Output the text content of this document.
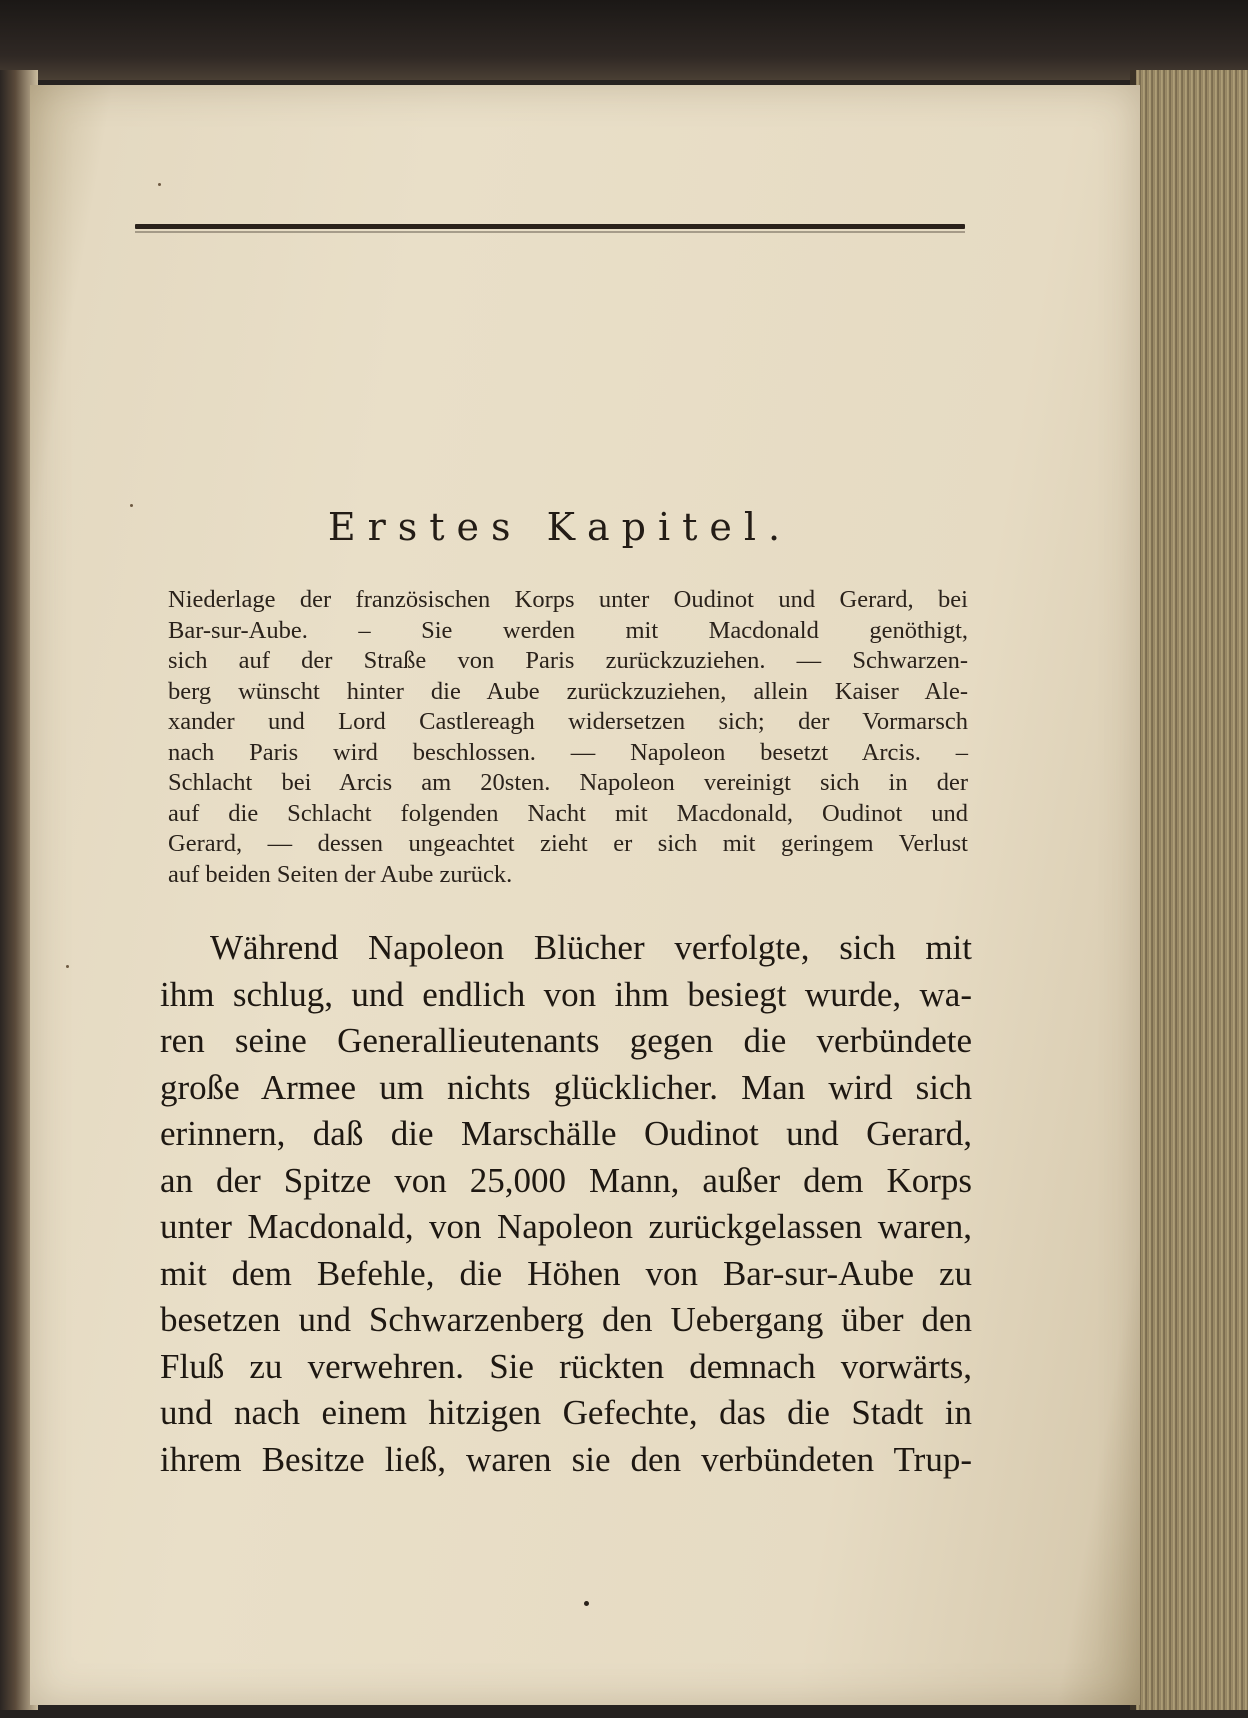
Erstes Kapitel.
Niederlage der französischen Korps unter Oudinot und Gerard, bei
Bar-sur-Aube. – Sie werden mit Macdonald genöthigt,
sich auf der Straße von Paris zurückzuziehen. — Schwarzen-
berg wünscht hinter die Aube zurückzuziehen, allein Kaiser Ale-
xander und Lord Castlereagh widersetzen sich; der Vormarsch
nach Paris wird beschlossen. — Napoleon besetzt Arcis. –
Schlacht bei Arcis am 20sten. Napoleon vereinigt sich in der
auf die Schlacht folgenden Nacht mit Macdonald, Oudinot und
Gerard, — dessen ungeachtet zieht er sich mit geringem Verlust
auf beiden Seiten der Aube zurück.
Während Napoleon Blücher verfolgte, sich mit
ihm schlug, und endlich von ihm besiegt wurde, wa-
ren seine Generallieutenants gegen die verbündete
große Armee um nichts glücklicher. Man wird sich
erinnern, daß die Marschälle Oudinot und Gerard,
an der Spitze von 25,000 Mann, außer dem Korps
unter Macdonald, von Napoleon zurückgelassen waren,
mit dem Befehle, die Höhen von Bar-sur-Aube zu
besetzen und Schwarzenberg den Uebergang über den
Fluß zu verwehren. Sie rückten demnach vorwärts,
und nach einem hitzigen Gefechte, das die Stadt in
ihrem Besitze ließ, waren sie den verbündeten Trup-
